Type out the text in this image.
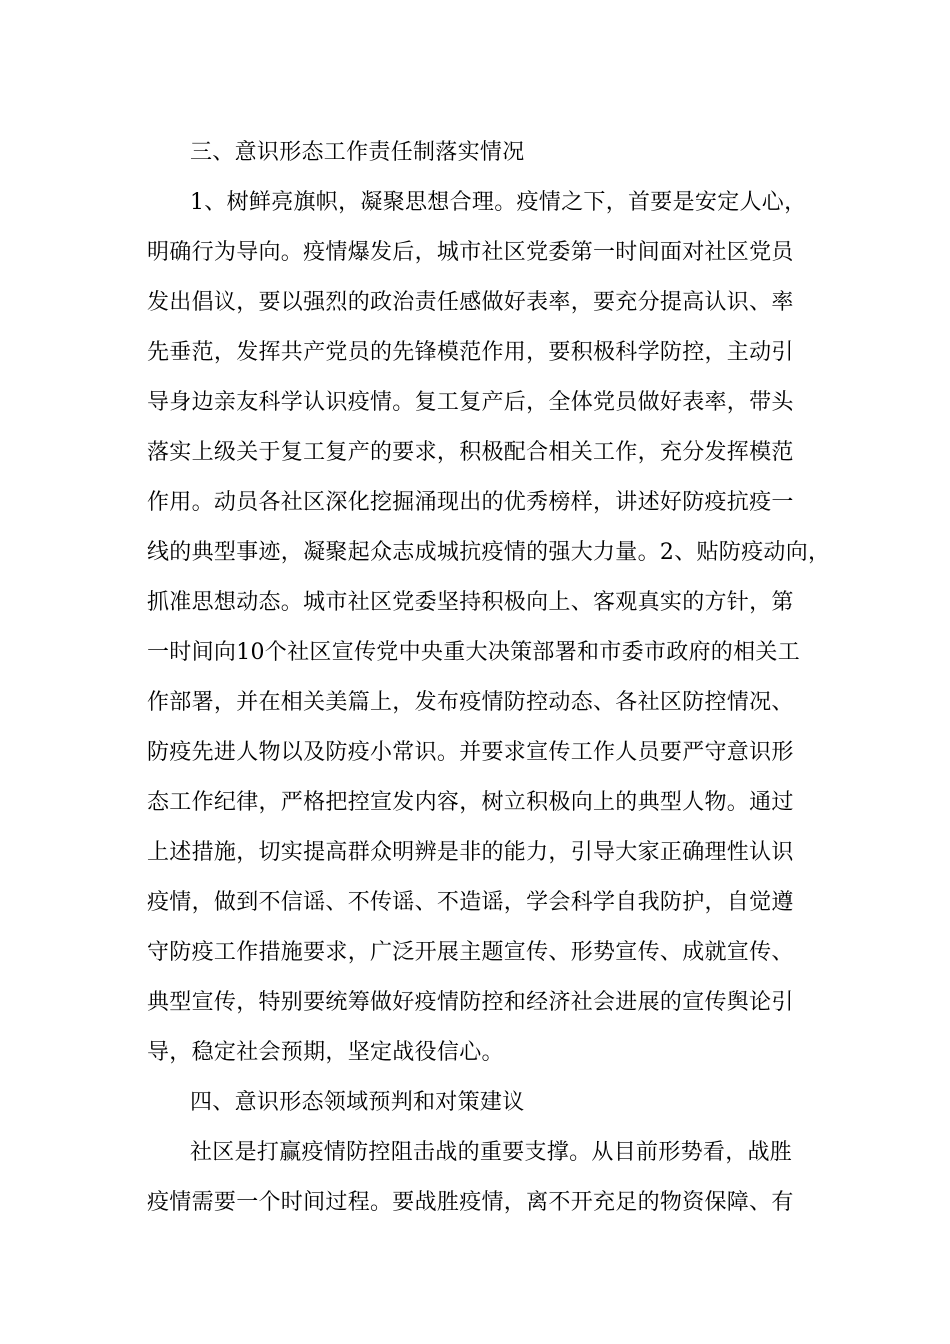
三、意识形态工作责任制落实情况
1、树鲜亮旗帜，凝聚思想合理。疫情之下，首要是安定人心，
明确行为导向。疫情爆发后，城市社区党委第一时间面对社区党员
发出倡议，要以强烈的政治责任感做好表率，要充分提高认识、率
先垂范，发挥共产党员的先锋模范作用，要积极科学防控，主动引
导身边亲友科学认识疫情。复工复产后，全体党员做好表率，带头
落实上级关于复工复产的要求，积极配合相关工作，充分发挥模范
作用。动员各社区深化挖掘涌现出的优秀榜样，讲述好防疫抗疫一
线的典型事迹，凝聚起众志成城抗疫情的强大力量。2、贴防疫动向，
抓准思想动态。城市社区党委坚持积极向上、客观真实的方针，第
一时间向10个社区宣传党中央重大决策部署和市委市政府的相关工
作部署，并在相关美篇上，发布疫情防控动态、各社区防控情况、
防疫先进人物以及防疫小常识。并要求宣传工作人员要严守意识形
态工作纪律，严格把控宣发内容，树立积极向上的典型人物。通过
上述措施，切实提高群众明辨是非的能力，引导大家正确理性认识
疫情，做到不信谣、不传谣、不造谣，学会科学自我防护，自觉遵
守防疫工作措施要求，广泛开展主题宣传、形势宣传、成就宣传、
典型宣传，特别要统筹做好疫情防控和经济社会进展的宣传舆论引
导，稳定社会预期，坚定战役信心。
四、意识形态领域预判和对策建议
社区是打赢疫情防控阻击战的重要支撑。从目前形势看，战胜
疫情需要一个时间过程。要战胜疫情，离不开充足的物资保障、有
